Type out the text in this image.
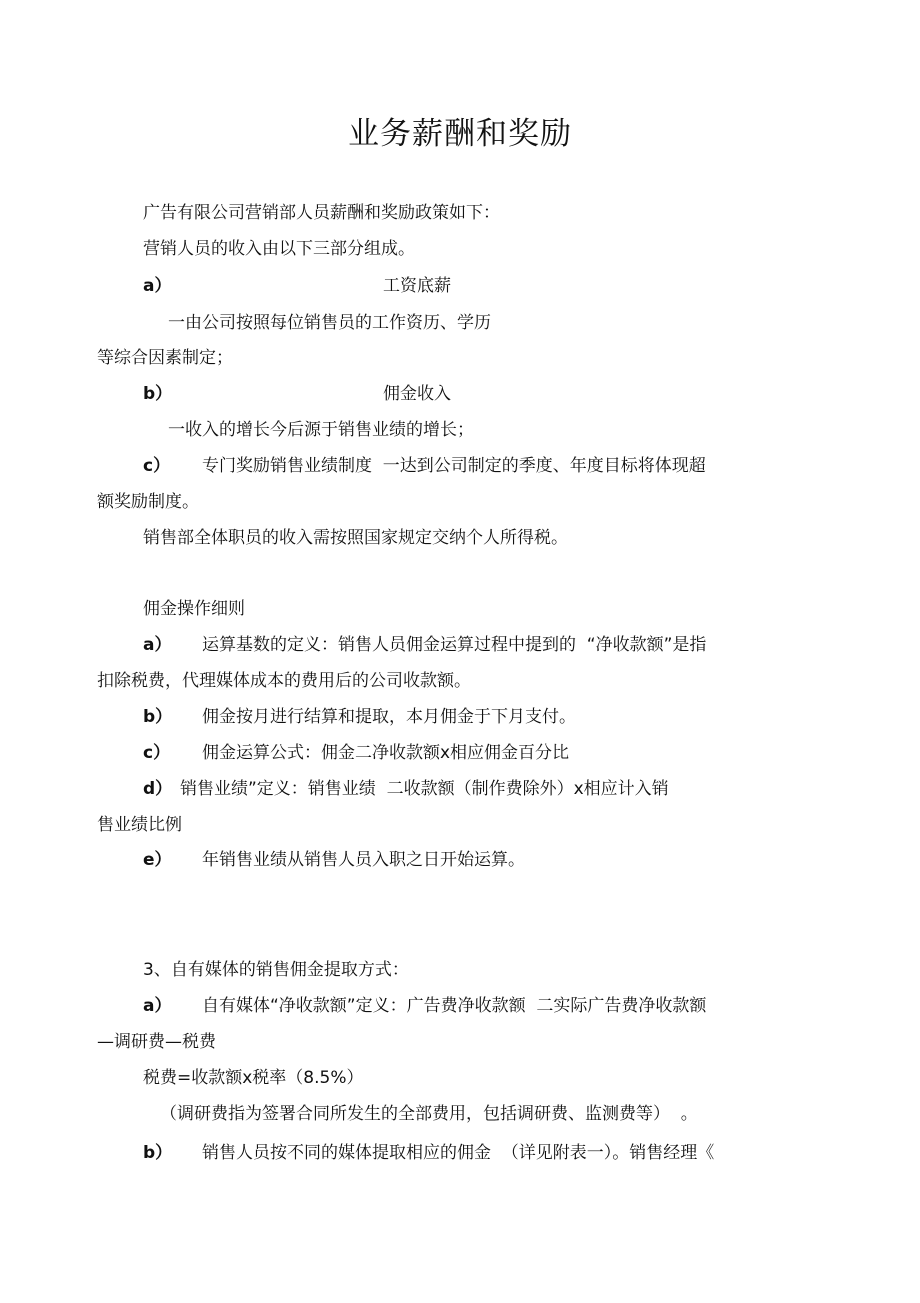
业务薪酬和奖励
广告有限公司营销部人员薪酬和奖励政策如下：
营销人员的收入由以下三部分组成。
a）	工资底薪
一由公司按照每位销售员的工作资历、学历
等综合因素制定；
b）	佣金收入
一收入的增长今后源于销售业绩的增长；
c） 专门奖励销售业绩制度  一达到公司制定的季度、年度目标将体现超
额奖励制度。
销售部全体职员的收入需按照国家规定交纳个人所得税。
佣金操作细则
a） 运算基数的定义：销售人员佣金运算过程中提到的  “净收款额”是指
扣除税费，代理媒体成本的费用后的公司收款额。
b） 佣金按月进行结算和提取，本月佣金于下月支付。
c） 佣金运算公式：佣金二净收款额x相应佣金百分比
d） 销售业绩”定义：销售业绩  二收款额（制作费除外）x相应计入销
售业绩比例
e） 年销售业绩从销售人员入职之日开始运算。
3、自有媒体的销售佣金提取方式：
a） 自有媒体“净收款额”定义：广告费净收款额  二实际广告费净收款额
—调研费—税费
税费=收款额x税率（8.5%）
（调研费指为签署合同所发生的全部费用，包括调研费、监测费等）  。
b） 销售人员按不同的媒体提取相应的佣金  （详见附表一）。销售经理《
